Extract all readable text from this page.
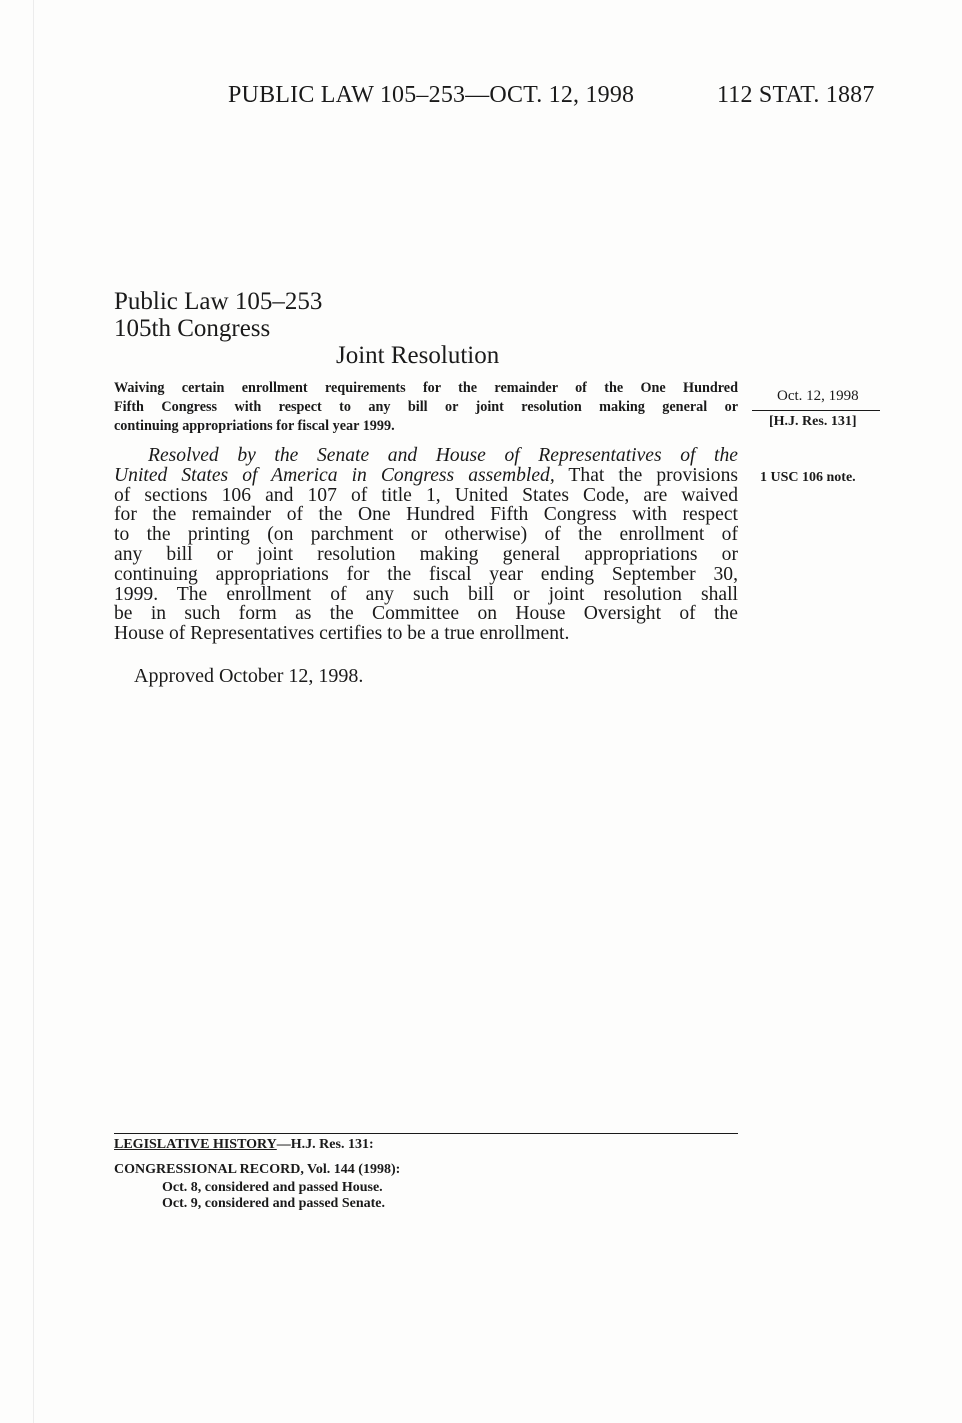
PUBLIC LAW 105–253—OCT. 12, 1998	112 STAT. 1887
Public Law 105–253
105th Congress
Joint Resolution
Waiving certain enrollment requirements for the remainder of the One Hundred
Fifth Congress with respect to any bill or joint resolution making general or
continuing appropriations for fiscal year 1999.
Oct. 12, 1998
[H.J. Res. 131]
1 USC 106 note.
Resolved by the Senate and House of Representatives of the
United States of America in Congress assembled, That the provisions
of sections 106 and 107 of title 1, United States Code, are waived
for the remainder of the One Hundred Fifth Congress with respect
to the printing (on parchment or otherwise) of the enrollment of
any bill or joint resolution making general appropriations or
continuing appropriations for the fiscal year ending September 30,
1999. The enrollment of any such bill or joint resolution shall
be in such form as the Committee on House Oversight of the
House of Representatives certifies to be a true enrollment.
Approved October 12, 1998.
LEGISLATIVE HISTORY—H.J. Res. 131:
CONGRESSIONAL RECORD, Vol. 144 (1998):
Oct. 8, considered and passed House.
Oct. 9, considered and passed Senate.
